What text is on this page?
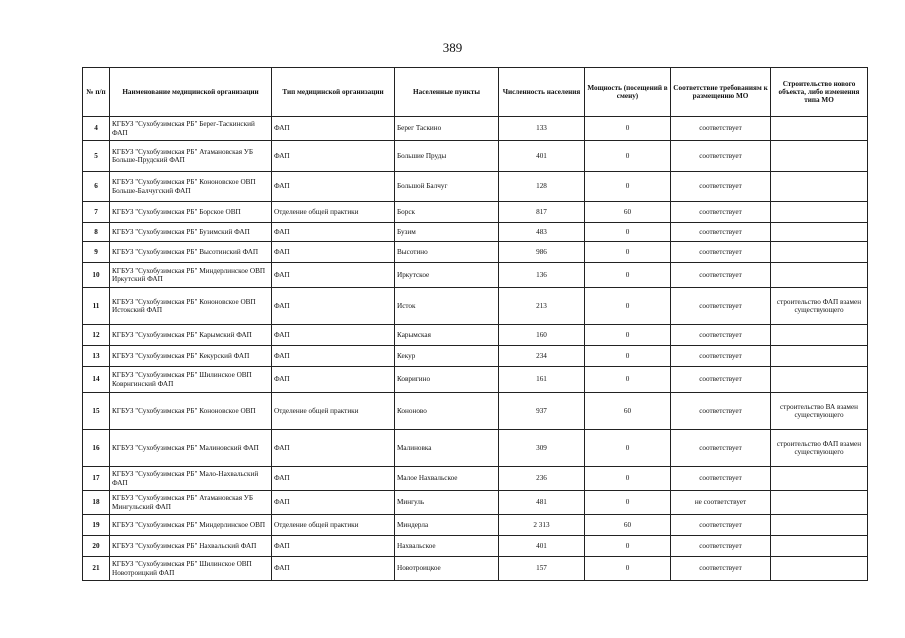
389
№ п/п	Наименование медицинской организации	Тип медицинской организации	Населенные пункты	Численность населения	Мощность (посещений в смену)	Соответствие требованиям к размещению МО	Строительство нового объекта, либо изменения типа МО
4	КГБУЗ "Сухобузимская РБ" Берег-Таскинский ФАП	ФАП	Берег Таскино	133	0	соответствует	
5	КГБУЗ "Сухобузимская РБ" Атамановская УБ Больше-Прудский ФАП	ФАП	Большие Пруды	401	0	соответствует	
6	КГБУЗ "Сухобузимская РБ" Кононовское ОВП Больше-Балчугский ФАП	ФАП	Большой Балчуг	128	0	соответствует	
7	КГБУЗ "Сухобузимская РБ" Борское ОВП	Отделение общей практики	Борск	817	60	соответствует	
8	КГБУЗ "Сухобузимская РБ" Бузимский ФАП	ФАП	Бузим	483	0	соответствует	
9	КГБУЗ "Сухобузимская РБ" Высотинский ФАП	ФАП	Высотино	986	0	соответствует	
10	КГБУЗ "Сухобузимская РБ" Миндерлинское ОВП Иркутский ФАП	ФАП	Иркутское	136	0	соответствует	
11	КГБУЗ "Сухобузимская РБ" Кононовское ОВП Истокский ФАП	ФАП	Исток	213	0	соответствует	строительство ФАП взамен существующего
12	КГБУЗ "Сухобузимская РБ" Карымский ФАП	ФАП	Карымская	160	0	соответствует	
13	КГБУЗ "Сухобузимская РБ" Кекурский ФАП	ФАП	Кекур	234	0	соответствует	
14	КГБУЗ "Сухобузимская РБ" Шилинское ОВП Коврнгинский ФАП	ФАП	Ковригино	161	0	соответствует	
15	КГБУЗ "Сухобузимская РБ" Кононовское ОВП	Отделение общей практики	Кононово	937	60	соответствует	строительство ВА взамен существующего
16	КГБУЗ "Сухобузимская РБ" Малиновский ФАП	ФАП	Малиновка	309	0	соответствует	строительство ФАП взамен существующего
17	КГБУЗ "Сухобузимская РБ" Мало-Нахвальский ФАП	ФАП	Малое Нахвальское	236	0	соответствует	
18	КГБУЗ "Сухобузимская РБ" Атамановская УБ Мингульский ФАП	ФАП	Мингуль	481	0	не соответствует	
19	КГБУЗ "Сухобузимская РБ" Миндерлинское ОВП	Отделение общей практики	Миндерла	2 313	60	соответствует	
20	КГБУЗ "Сухобузимская РБ" Нахвальский ФАП	ФАП	Нахвальское	401	0	соответствует	
21	КГБУЗ "Сухобузимская РБ" Шилинское ОВП Новотроицкий ФАП	ФАП	Новотроицкое	157	0	соответствует	
